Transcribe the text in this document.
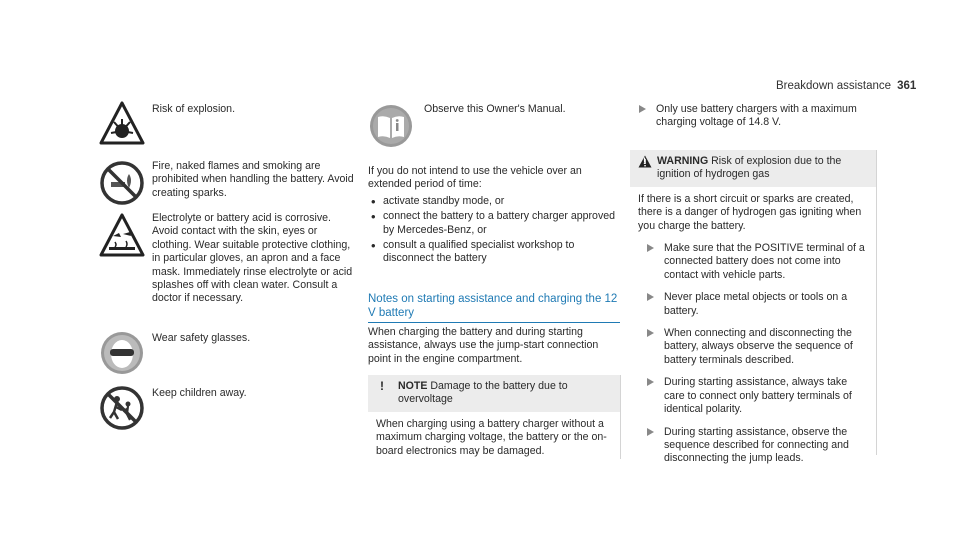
Breakdown assistance 361

Risk of explosion.

Fire, naked flames and smoking are prohibited when handling the battery. Avoid creating sparks.

Electrolyte or battery acid is corrosive. Avoid contact with the skin, eyes or clothing. Wear suitable protective clothing, in particular gloves, an apron and a face mask. Immediately rinse electrolyte or acid splashes off with clean water. Consult a doctor if necessary.

Wear safety glasses.

Keep children away.

Observe this Owner's Manual.

If you do not intend to use the vehicle over an extended period of time:

• activate standby mode, or
• connect the battery to a battery charger approved by Mercedes-Benz, or
• consult a qualified specialist workshop to disconnect the battery
Notes on starting assistance and charging the 12 V battery

When charging the battery and during starting assistance, always use the jump-start connection point in the engine compartment.

! NOTE Damage to the battery due to overvoltage
When charging using a battery charger without a maximum charging voltage, the battery or the on-board electronics may be damaged.
Only use battery chargers with a maximum charging voltage of 14.8 V.
! WARNING Risk of explosion due to the ignition of hydrogen gas

If there is a short circuit or sparks are created, there is a danger of hydrogen gas igniting when you charge the battery.

Make sure that the POSITIVE terminal of a connected battery does not come into contact with vehicle parts.
Never place metal objects or tools on a battery.
When connecting and disconnecting the battery, always observe the sequence of battery terminals described.
During starting assistance, always take care to connect only battery terminals of identical polarity.
During starting assistance, observe the sequence described for connecting and disconnecting the jump leads.
